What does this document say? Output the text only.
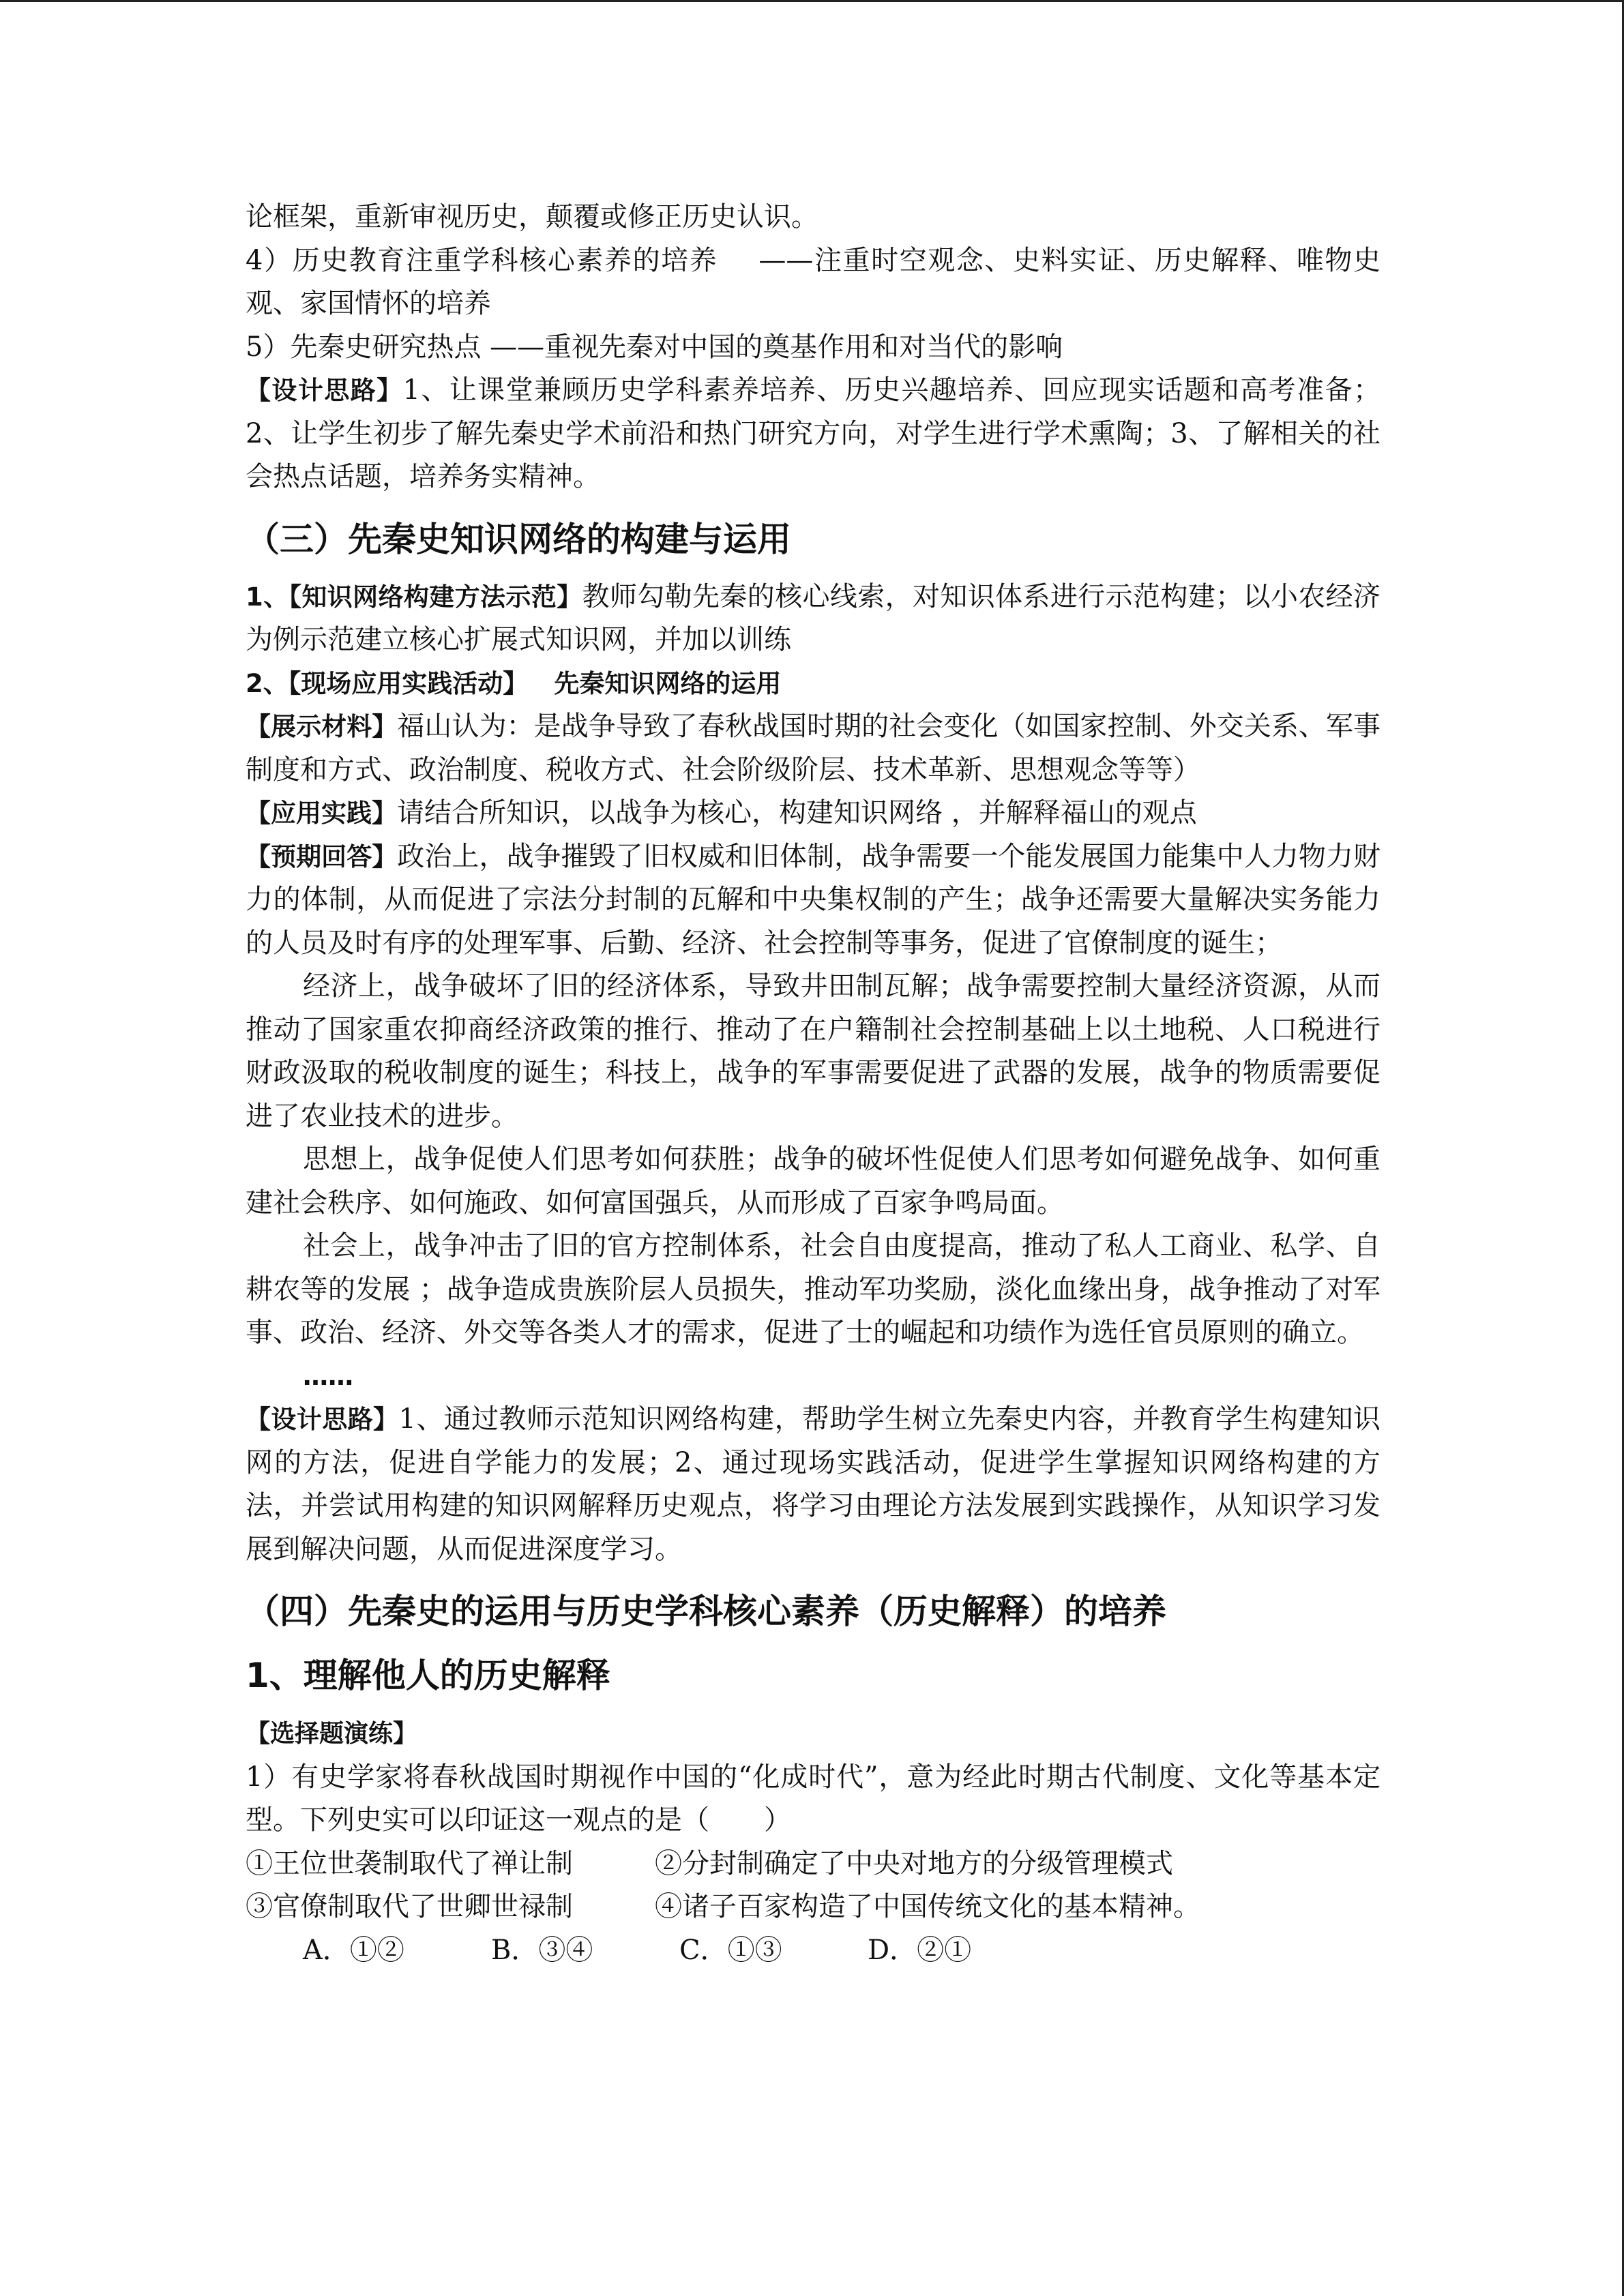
论框架，重新审视历史，颠覆或修正历史认识。

4）历史教育注重学科核心素养的培养 ——注重时空观念、史料实证、历史解释、唯物史观、家国情怀的培养

5）先秦史研究热点 ——重视先秦对中国的奠基作用和对当代的影响

【设计思路】1、让课堂兼顾历史学科素养培养、历史兴趣培养、回应现实话题和高考准备；2、让学生初步了解先秦史学术前沿和热门研究方向，对学生进行学术熏陶；3、了解相关的社会热点话题，培养务实精神。

（三）先秦史知识网络的构建与运用

1、【知识网络构建方法示范】教师勾勒先秦的核心线索，对知识体系进行示范构建；以小农经济为例示范建立核心扩展式知识网，并加以训练

2、【现场应用实践活动】 先秦知识网络的运用

【展示材料】福山认为：是战争导致了春秋战国时期的社会变化（如国家控制、外交关系、军事制度和方式、政治制度、税收方式、社会阶级阶层、技术革新、思想观念等等）

【应用实践】请结合所知识，以战争为核心，构建知识网络 ，并解释福山的观点

【预期回答】政治上，战争摧毁了旧权威和旧体制，战争需要一个能发展国力能集中人力物力财力的体制，从而促进了宗法分封制的瓦解和中央集权制的产生；战争还需要大量解决实务能力的人员及时有序的处理军事、后勤、经济、社会控制等事务，促进了官僚制度的诞生；

经济上，战争破坏了旧的经济体系，导致井田制瓦解；战争需要控制大量经济资源，从而推动了国家重农抑商经济政策的推行、推动了在户籍制社会控制基础上以土地税、人口税进行财政汲取的税收制度的诞生；科技上，战争的军事需要促进了武器的发展，战争的物质需要促进了农业技术的进步。

思想上，战争促使人们思考如何获胜；战争的破坏性促使人们思考如何避免战争、如何重建社会秩序、如何施政、如何富国强兵，从而形成了百家争鸣局面。

社会上，战争冲击了旧的官方控制体系，社会自由度提高，推动了私人工商业、私学、自耕农等的发展 ；战争造成贵族阶层人员损失，推动军功奖励，淡化血缘出身，战争推动了对军事、政治、经济、外交等各类人才的需求，促进了士的崛起和功绩作为选任官员原则的确立。

……

【设计思路】1、通过教师示范知识网络构建，帮助学生树立先秦史内容，并教育学生构建知识网的方法，促进自学能力的发展；2、通过现场实践活动，促进学生掌握知识网络构建的方法，并尝试用构建的知识网解释历史观点，将学习由理论方法发展到实践操作，从知识学习发展到解决问题，从而促进深度学习。

（四）先秦史的运用与历史学科核心素养（历史解释）的培养
1、理解他人的历史解释

【选择题演练】

1）有史学家将春秋战国时期视作中国的“化成时代”，意为经此时期古代制度、文化等基本定型。下列史实可以印证这一观点的是（　　）

①王位世袭制取代了禅让制	②分封制确定了中央对地方的分级管理模式
③官僚制取代了世卿世禄制	④诸子百家构造了中国传统文化的基本精神。
A．①②	B．③④	C．①③	D．②①
